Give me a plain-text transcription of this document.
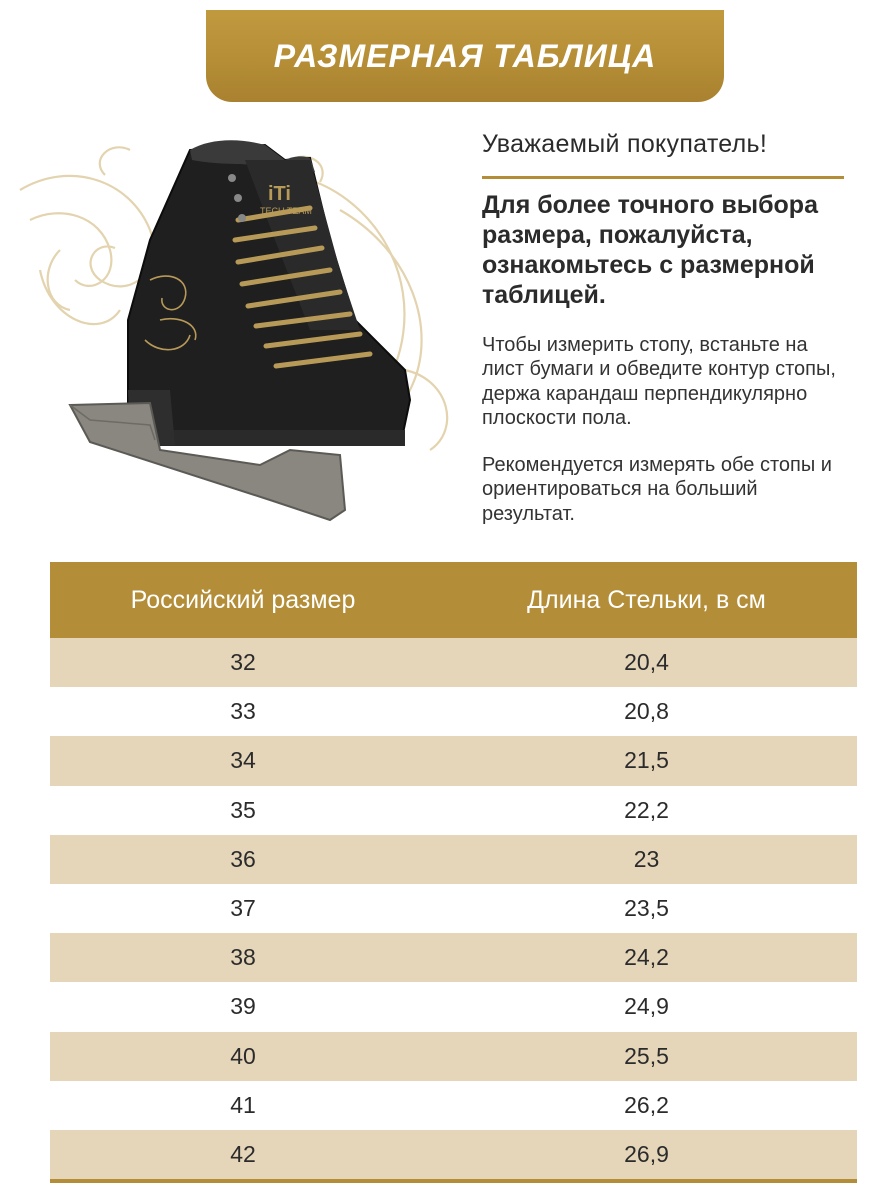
РАЗМЕРНАЯ ТАБЛИЦА
iTi
TECH TEAM
Уважаемый покупатель!
Для более точного выбора размера, пожалуйста, ознакомьтесь с размерной таблицей.
Чтобы измерить стопу, встаньте на лист бумаги и обведите контур стопы, держа карандаш перпендикулярно плоскости пола.
Рекомендуется измерять обе стопы и ориентироваться на больший результат.
Российский размер	Длина Стельки, в см
32	20,4
33	20,8
34	21,5
35	22,2
36	23
37	23,5
38	24,2
39	24,9
40	25,5
41	26,2
42	26,9
